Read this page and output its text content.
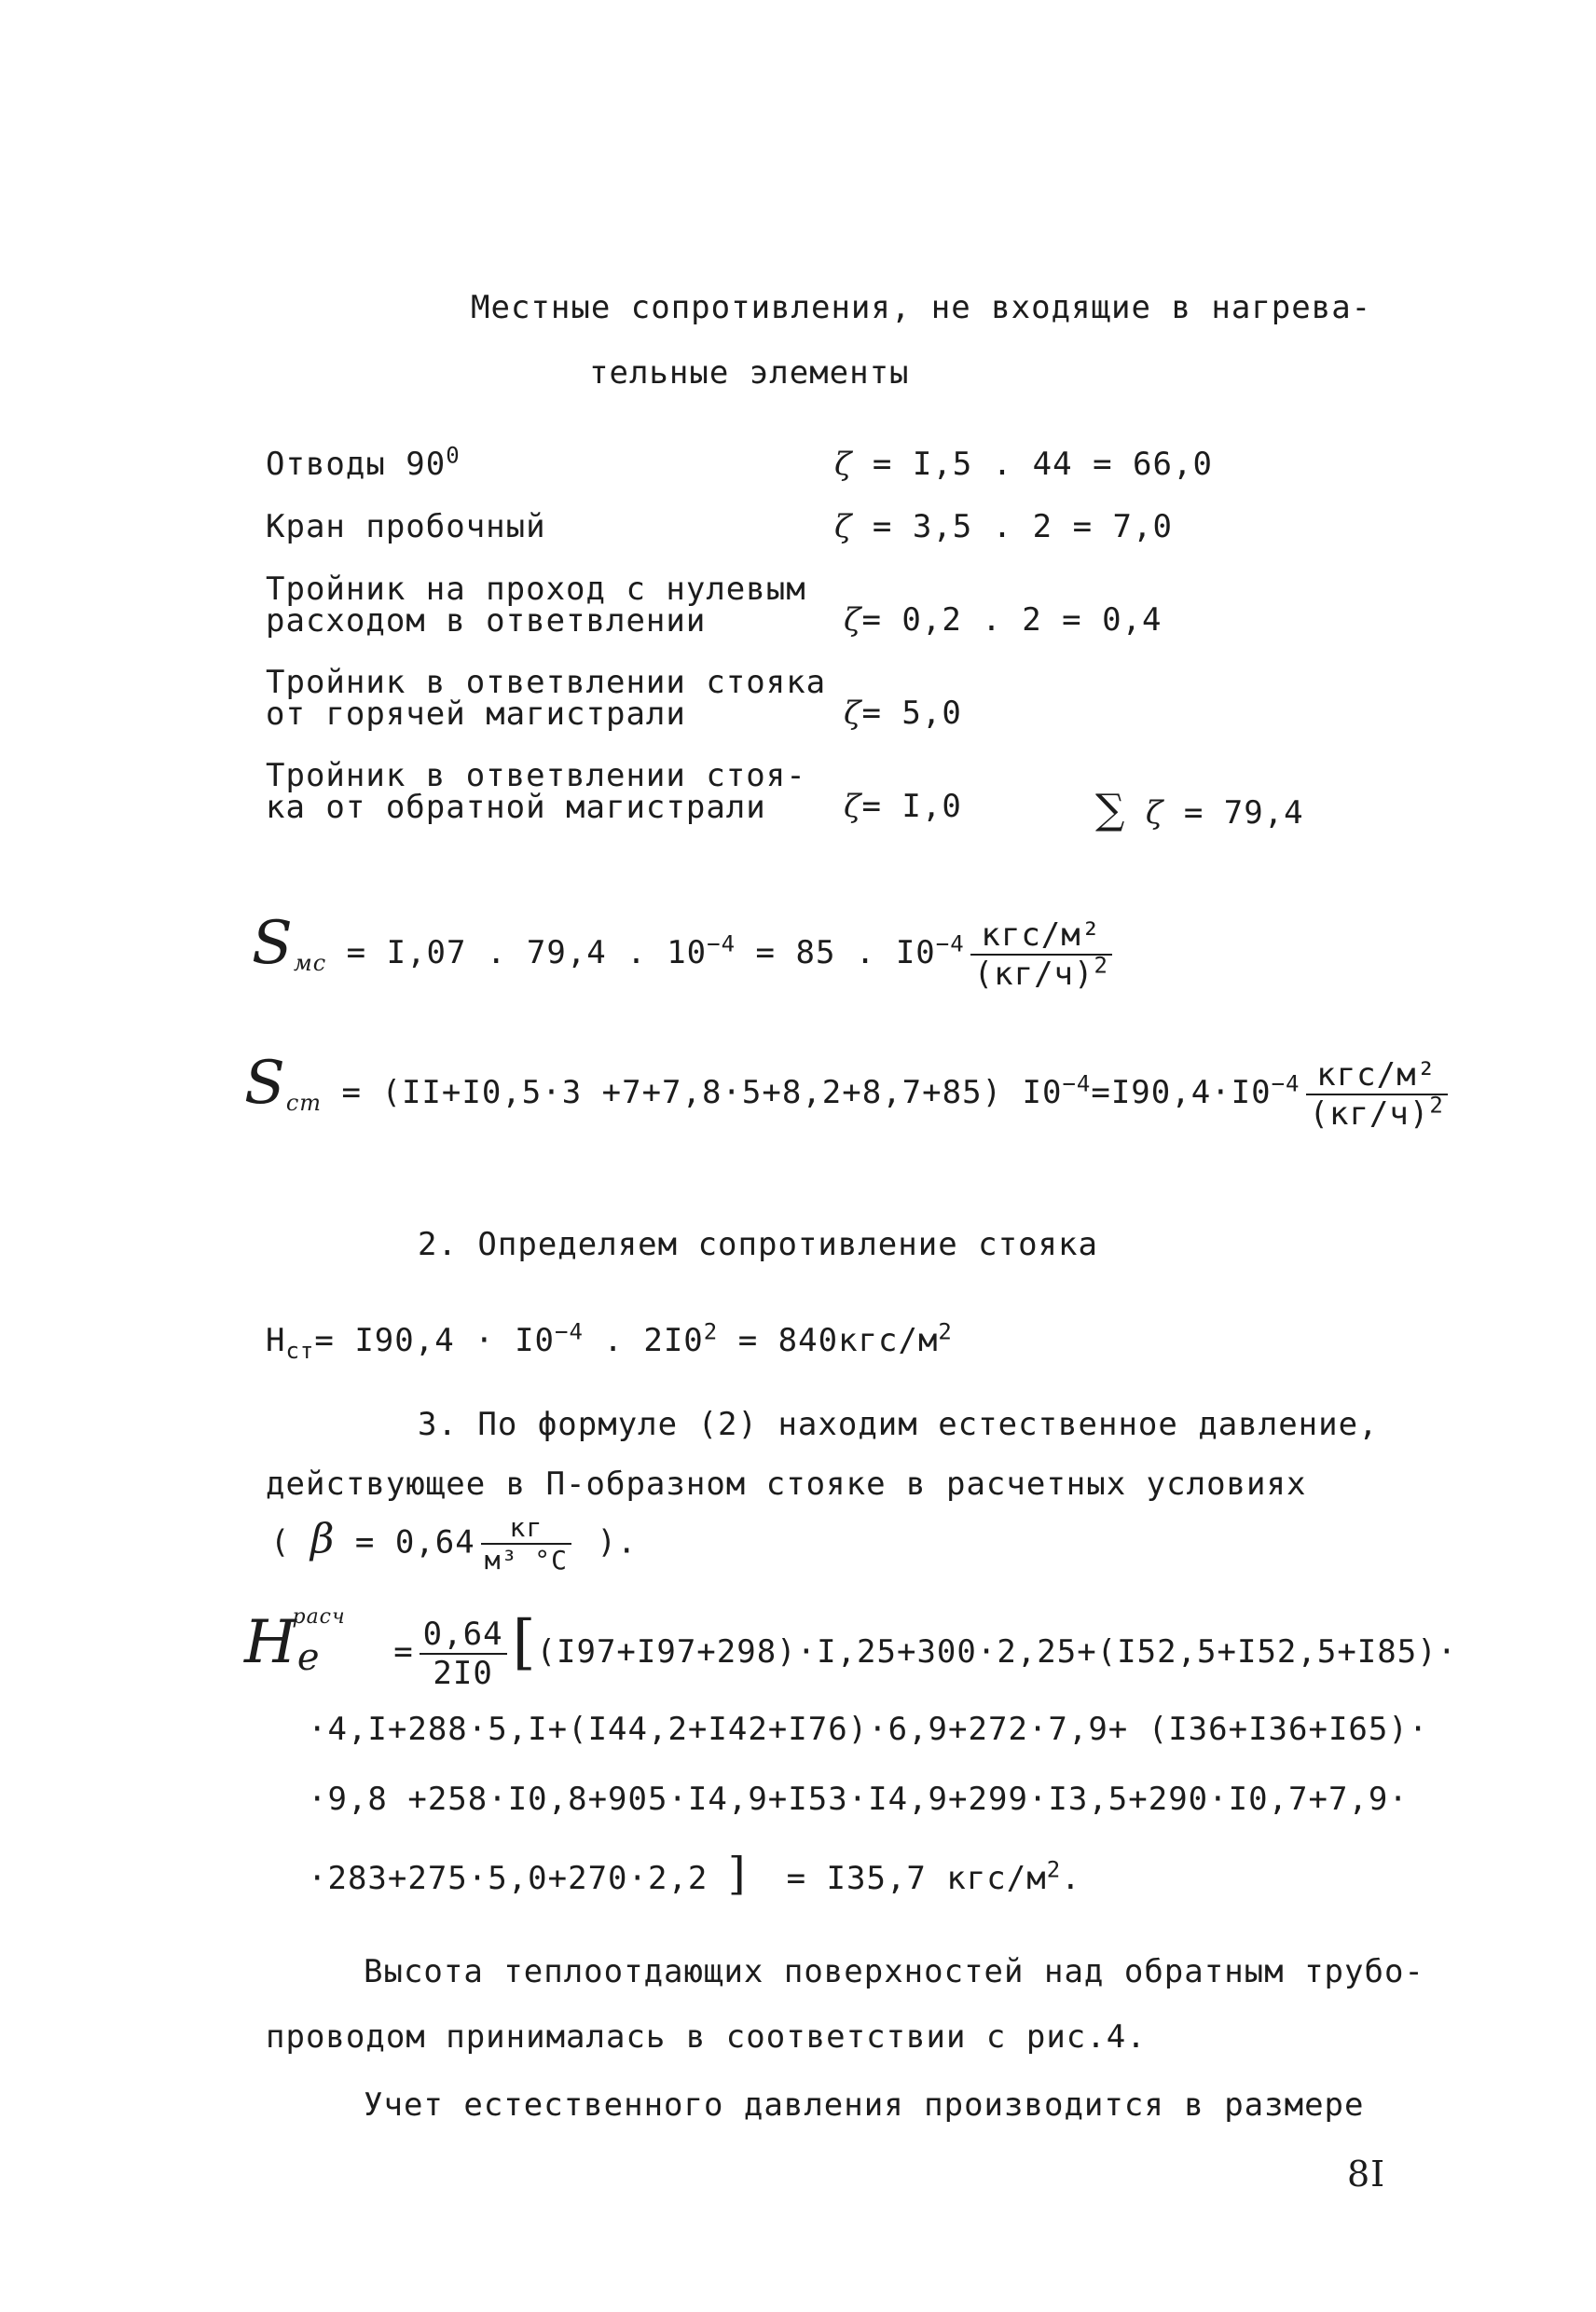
Местные сопротивления, не входящие в нагрева-
тельные элементы
Отводы $90^0$	ζ = I,5 . 44 = 66,0
Кран пробочный	ζ = 3,5 . 2 = 7,0
Тройник на проход с нулевым
расходом в ответвлении	ζ= 0,2 . 2 = 0,4
Тройник в ответвлении стояка
от горячей магистрали	ζ= 5,0
Тройник в ответвлении стоя-
ка от обратной магистрали ζ= I,0	∑ ζ = 79,4
$S_{мс} = I,07$ . 79,4 . $10^{-4} = 85$ . $I0^{-4} \frac{\text{кгс/м²}}{(кг/ч)^2}$
$S_{ст} = (II+I0,5\cdot 3 +7+7,8\cdot 5+8,2+8,7+85)$ $I0^{-4}=I90,4\cdot I0^{-4} \frac{\text{кгс/м²}}{(кг/ч)^2}$
2. Определяем сопротивление стояка
$H_{ст}= I90,4 \cdot I0^{-4}$ . $2I0^2 = 840кгс/м^2$
3. По формуле (2) находим естественное давление,
действующее в П-образном стояке в расчетных условиях
( $\beta = 0,64 \frac{кг}{\text{м³ °С}}$ ).
$H_e^{расч} = \frac{0,64}{2I0} [(I97+I97+298)\cdot I,25+300\cdot 2,25+(I52,5+I52,5+I85)\cdot$
·4,I+288·5,I+(I44,2+I42+I76)·6,9+272·7,9+ (I36+I36+I65)·
·9,8 +258·I0,8+905·I4,9+I53·I4,9+299·I3,5+290·I0,7+7,9·
·283+275·5,0+270·2,2 ] = I35,7 кгс/$м^2$.
Высота теплоотдающих поверхностей над обратным трубо-
проводом принималась в соответствии с рис.4.
Учет естественного давления производится в размере
8I
